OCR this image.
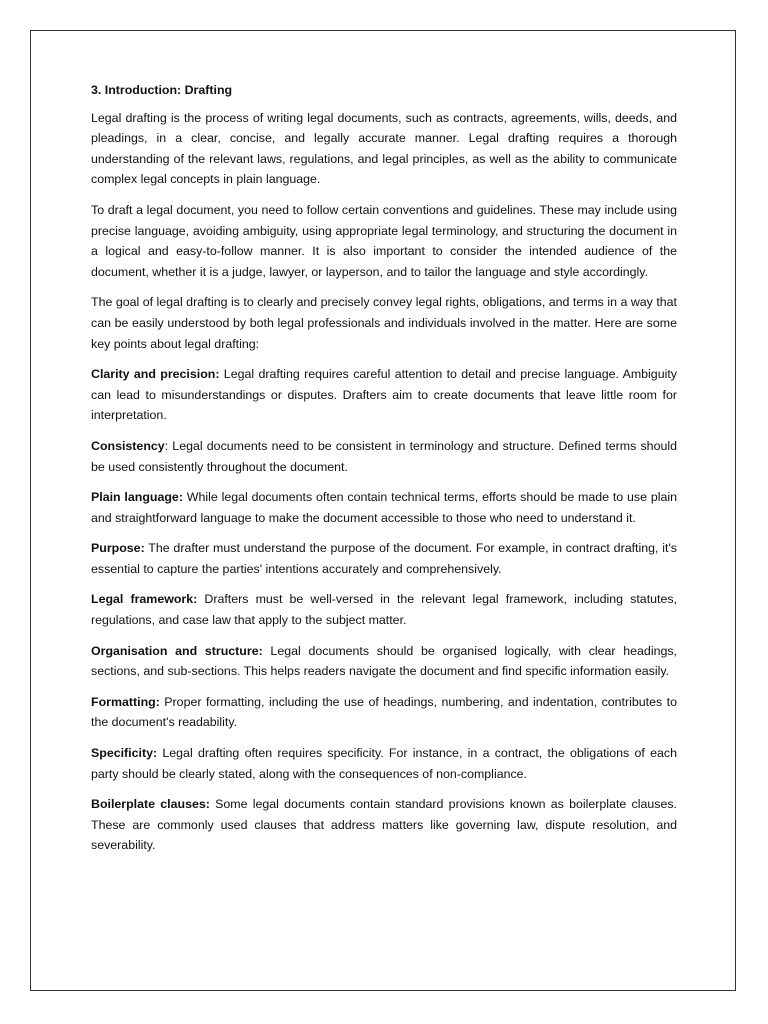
3. Introduction: Drafting

Legal drafting is the process of writing legal documents, such as contracts, agreements, wills, deeds, and pleadings, in a clear, concise, and legally accurate manner. Legal drafting requires a thorough understanding of the relevant laws, regulations, and legal principles, as well as the ability to communicate complex legal concepts in plain language.

To draft a legal document, you need to follow certain conventions and guidelines. These may include using precise language, avoiding ambiguity, using appropriate legal terminology, and structuring the document in a logical and easy-to-follow manner. It is also important to consider the intended audience of the document, whether it is a judge, lawyer, or layperson, and to tailor the language and style accordingly.

The goal of legal drafting is to clearly and precisely convey legal rights, obligations, and terms in a way that can be easily understood by both legal professionals and individuals involved in the matter. Here are some key points about legal drafting:

Clarity and precision: Legal drafting requires careful attention to detail and precise language. Ambiguity can lead to misunderstandings or disputes. Drafters aim to create documents that leave little room for interpretation.

Consistency: Legal documents need to be consistent in terminology and structure. Defined terms should be used consistently throughout the document.

Plain language: While legal documents often contain technical terms, efforts should be made to use plain and straightforward language to make the document accessible to those who need to understand it.

Purpose: The drafter must understand the purpose of the document. For example, in contract drafting, it's essential to capture the parties' intentions accurately and comprehensively.

Legal framework: Drafters must be well-versed in the relevant legal framework, including statutes, regulations, and case law that apply to the subject matter.

Organisation and structure: Legal documents should be organised logically, with clear headings, sections, and sub-sections. This helps readers navigate the document and find specific information easily.

Formatting: Proper formatting, including the use of headings, numbering, and indentation, contributes to the document's readability.

Specificity: Legal drafting often requires specificity. For instance, in a contract, the obligations of each party should be clearly stated, along with the consequences of non-compliance.

Boilerplate clauses: Some legal documents contain standard provisions known as boilerplate clauses. These are commonly used clauses that address matters like governing law, dispute resolution, and severability.
